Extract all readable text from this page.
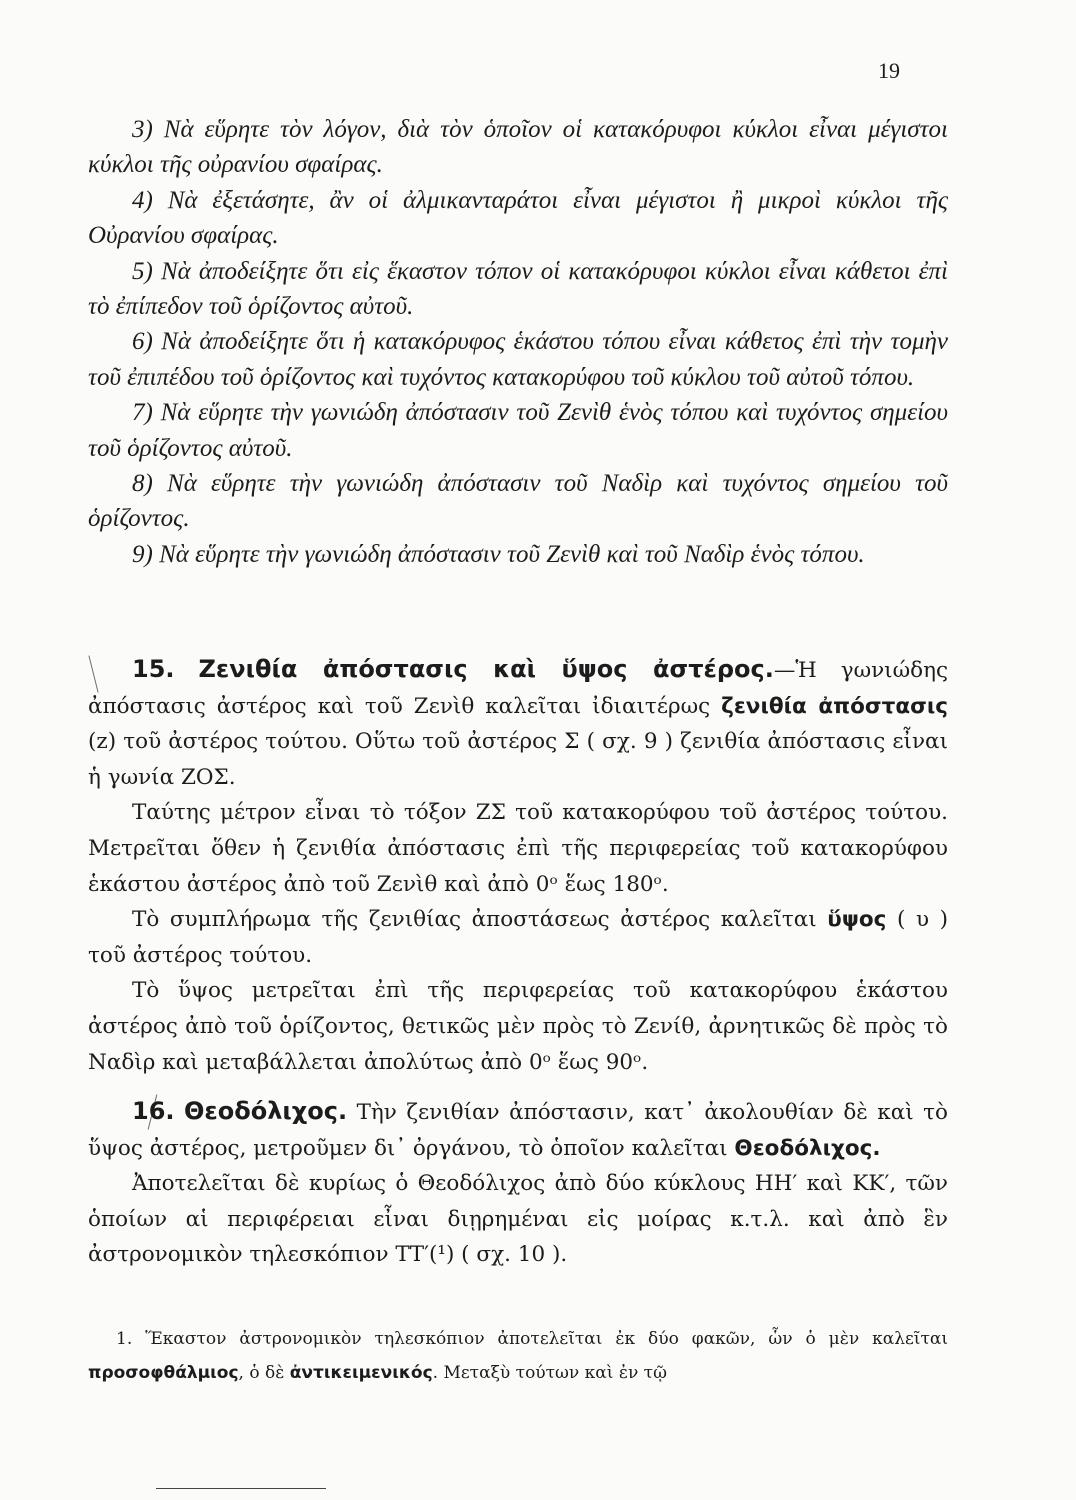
19

3) Νὰ εὕρητε τὸν λόγον, διὰ τὸν ὁποῖον οἱ κατακόρυφοι κύκλοι εἶναι μέγιστοι κύκλοι τῆς οὐρανίου σφαίρας.

4) Νὰ ἐξετάσητε, ἂν οἱ ἀλμικανταράτοι εἶναι μέγιστοι ἢ μικροὶ κύκλοι τῆς Οὐρανίου σφαίρας.

5) Νὰ ἀποδείξητε ὅτι εἰς ἕκαστον τόπον οἱ κατακόρυφοι κύκλοι εἶναι κάθετοι ἐπὶ τὸ ἐπίπεδον τοῦ ὁρίζοντος αὐτοῦ.

6) Νὰ ἀποδείξητε ὅτι ἡ κατακόρυφος ἑκάστου τόπου εἶναι κάθετος ἐπὶ τὴν τομὴν τοῦ ἐπιπέδου τοῦ ὁρίζοντος καὶ τυχόντος κατακορύφου τοῦ κύκλου τοῦ αὐτοῦ τόπου.

7) Νὰ εὕρητε τὴν γωνιώδη ἀπόστασιν τοῦ Ζενὶθ ἑνὸς τόπου καὶ τυχόντος σημείου τοῦ ὁρίζοντος αὐτοῦ.

8) Νὰ εὕρητε τὴν γωνιώδη ἀπόστασιν τοῦ Ναδὶρ καὶ τυχόντος σημείου τοῦ ὁρίζοντος.

9) Νὰ εὕρητε τὴν γωνιώδη ἀπόστασιν τοῦ Ζενὶθ καὶ τοῦ Ναδὶρ ἑνὸς τόπου.

15. Ζενιθία ἀπόστασις καὶ ὕψος ἀστέρος.—Ἡ γωνιώδης ἀπόστασις ἀστέρος καὶ τοῦ Ζενὶθ καλεῖται ἰδιαιτέρως ζενιθία ἀπόστασις (z) τοῦ ἀστέρος τούτου. Οὕτω τοῦ ἀστέρος Σ ( σχ. 9 ) ζενιθία ἀπόστασις εἶναι ἡ γωνία ΖΟΣ.

Ταύτης μέτρον εἶναι τὸ τόξον ΖΣ τοῦ κατακορύφου τοῦ ἀστέρος τούτου. Μετρεῖται ὅθεν ἡ ζενιθία ἀπόστασις ἐπὶ τῆς περιφερείας τοῦ κατακορύφου ἑκάστου ἀστέρος ἀπὸ τοῦ Ζενὶθ καὶ ἀπὸ 0ᵒ ἕως 180ᵒ.

Τὸ συμπλήρωμα τῆς ζενιθίας ἀποστάσεως ἀστέρος καλεῖται ὕψος ( υ ) τοῦ ἀστέρος τούτου.

Τὸ ὕψος μετρεῖται ἐπὶ τῆς περιφερείας τοῦ κατακορύφου ἑκάστου ἀστέρος ἀπὸ τοῦ ὁρίζοντος, θετικῶς μὲν πρὸς τὸ Ζενίθ, ἀρνητικῶς δὲ πρὸς τὸ Ναδὶρ καὶ μεταβάλλεται ἀπολύτως ἀπὸ 0ᵒ ἕως 90ᵒ.

16. Θεοδόλιχος. Τὴν ζενιθίαν ἀπόστασιν, κατ᾽ ἀκολουθίαν δὲ καὶ τὸ ὕψος ἀστέρος, μετροῦμεν δι᾽ ὀργάνου, τὸ ὁποῖον καλεῖται Θεοδόλιχος.

Ἀποτελεῖται δὲ κυρίως ὁ Θεοδόλιχος ἀπὸ δύο κύκλους ΗΗ′ καὶ ΚΚ′, τῶν ὁποίων αἱ περιφέρειαι εἶναι διῃρημέναι εἰς μοίρας κ.τ.λ. καὶ ἀπὸ ἓν ἀστρονομικὸν τηλεσκόπιον ΤΤ′(¹) ( σχ. 10 ).

1. Ἕκαστον ἀστρονομικὸν τηλεσκόπιον ἀποτελεῖται ἐκ δύο φακῶν, ὧν ὁ μὲν καλεῖται προσοφθάλμιος, ὁ δὲ ἀντικειμενικός. Μεταξὺ τούτων καὶ ἐν τῷ
